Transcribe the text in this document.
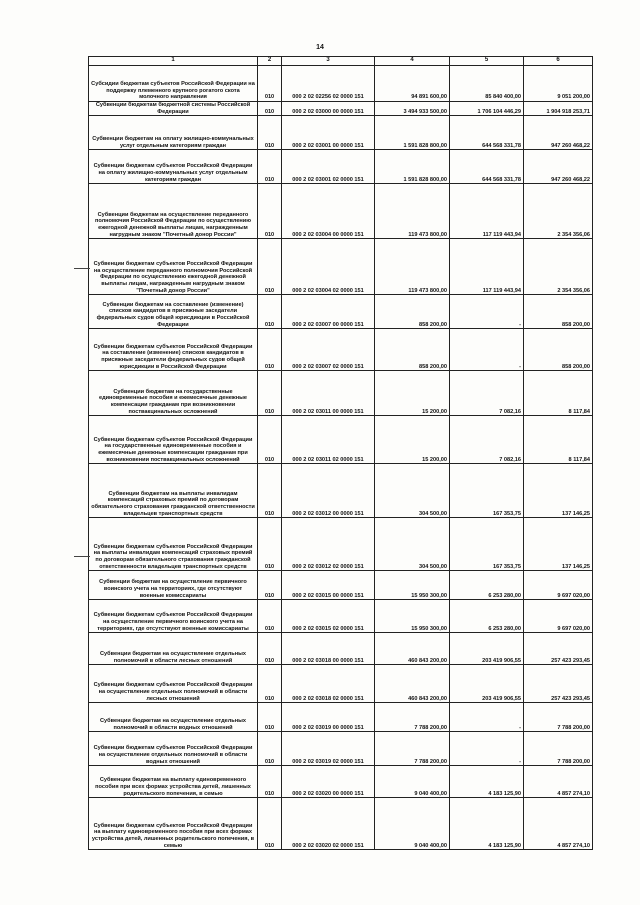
14
1	2	3	4	5	6
Субсидии бюджетам субъектов Российской Федерации на поддержку племенного крупного рогатого скота молочного направления	010	000 2 02 02256 02 0000 151	94 891 600,00	85 840 400,00	9 051 200,00
Субвенции бюджетам бюджетной системы Российской Федерации	010	000 2 02 03000 00 0000 151	3 494 933 500,00	1 706 104 446,29	1 904 918 253,71
Субвенции бюджетам на оплату жилищно-коммунальных услуг отдельным категориям граждан	010	000 2 02 03001 00 0000 151	1 591 828 800,00	644 568 331,78	947 260 468,22
Субвенции бюджетам субъектов Российской Федерации на оплату жилищно-коммунальных услуг отдельным категориям граждан	010	000 2 02 03001 02 0000 151	1 591 828 800,00	644 568 331,78	947 260 468,22
Субвенции бюджетам на осуществление переданного полномочия Российской Федерации по осуществлению ежегодной денежной выплаты лицам, награжденным нагрудным знаком "Почетный донор России"	010	000 2 02 03004 00 0000 151	119 473 800,00	117 119 443,94	2 354 356,06
Субвенции бюджетам субъектов Российской Федерации на осуществление переданного полномочия Российской Федерации по осуществлению ежегодной денежной выплаты лицам, награжденным нагрудным знаком "Почетный донор России"	010	000 2 02 03004 02 0000 151	119 473 800,00	117 119 443,94	2 354 356,06
Субвенции бюджетам на составление (изменение) списков кандидатов в присяжные заседатели федеральных судов общей юрисдикции в Российской Федерации	010	000 2 02 03007 00 0000 151	858 200,00	-	858 200,00
Субвенции бюджетам субъектов Российской Федерации на составление (изменение) списков кандидатов в присяжные заседатели федеральных судов общей юрисдикции в Российской Федерации	010	000 2 02 03007 02 0000 151	858 200,00	-	858 200,00
Субвенции бюджетам на государственные единовременные пособия и ежемесячные денежные компенсации гражданам при возникновении поствакцинальных осложнений	010	000 2 02 03011 00 0000 151	15 200,00	7 082,16	8 117,84
Субвенции бюджетам субъектов Российской Федерации на государственные единовременные пособия и ежемесячные денежные компенсации гражданам при возникновении поствакцинальных осложнений	010	000 2 02 03011 02 0000 151	15 200,00	7 082,16	8 117,84
Субвенции бюджетам на выплаты инвалидам компенсаций страховых премий по договорам обязательного страхования гражданской ответственности владельцев транспортных средств	010	000 2 02 03012 00 0000 151	304 500,00	167 353,75	137 146,25
Субвенции бюджетам субъектов Российской Федерации на выплаты инвалидам компенсаций страховых премий по договорам обязательного страхования гражданской ответственности владельцев транспортных средств	010	000 2 02 03012 02 0000 151	304 500,00	167 353,75	137 146,25
Субвенции бюджетам на осуществление первичного воинского учета на территориях, где отсутствуют военные комиссариаты	010	000 2 02 03015 00 0000 151	15 950 300,00	6 253 280,00	9 697 020,00
Субвенции бюджетам субъектов Российской Федерации на осуществление первичного воинского учета на территориях, где отсутствуют военные комиссариаты	010	000 2 02 03015 02 0000 151	15 950 300,00	6 253 280,00	9 697 020,00
Субвенции бюджетам на осуществление отдельных полномочий в области лесных отношений	010	000 2 02 03018 00 0000 151	460 843 200,00	203 419 906,55	257 423 293,45
Субвенции бюджетам субъектов Российской Федерации на осуществление отдельных полномочий в области лесных отношений	010	000 2 02 03018 02 0000 151	460 843 200,00	203 419 906,55	257 423 293,45
Субвенции бюджетам на осуществление отдельных полномочий в области водных отношений	010	000 2 02 03019 00 0000 151	7 788 200,00	-	7 788 200,00
Субвенции бюджетам субъектов Российской Федерации на осуществление отдельных полномочий в области водных отношений	010	000 2 02 03019 02 0000 151	7 788 200,00	-	7 788 200,00
Субвенции бюджетам на выплату единовременного пособия при всех формах устройства детей, лишенных родительского попечения, в семью	010	000 2 02 03020 00 0000 151	9 040 400,00	4 183 125,90	4 857 274,10
Субвенции бюджетам субъектов Российской Федерации на выплату единовременного пособия при всех формах устройства детей, лишенных родительского попечения, в семью	010	000 2 02 03020 02 0000 151	9 040 400,00	4 183 125,90	4 857 274,10
